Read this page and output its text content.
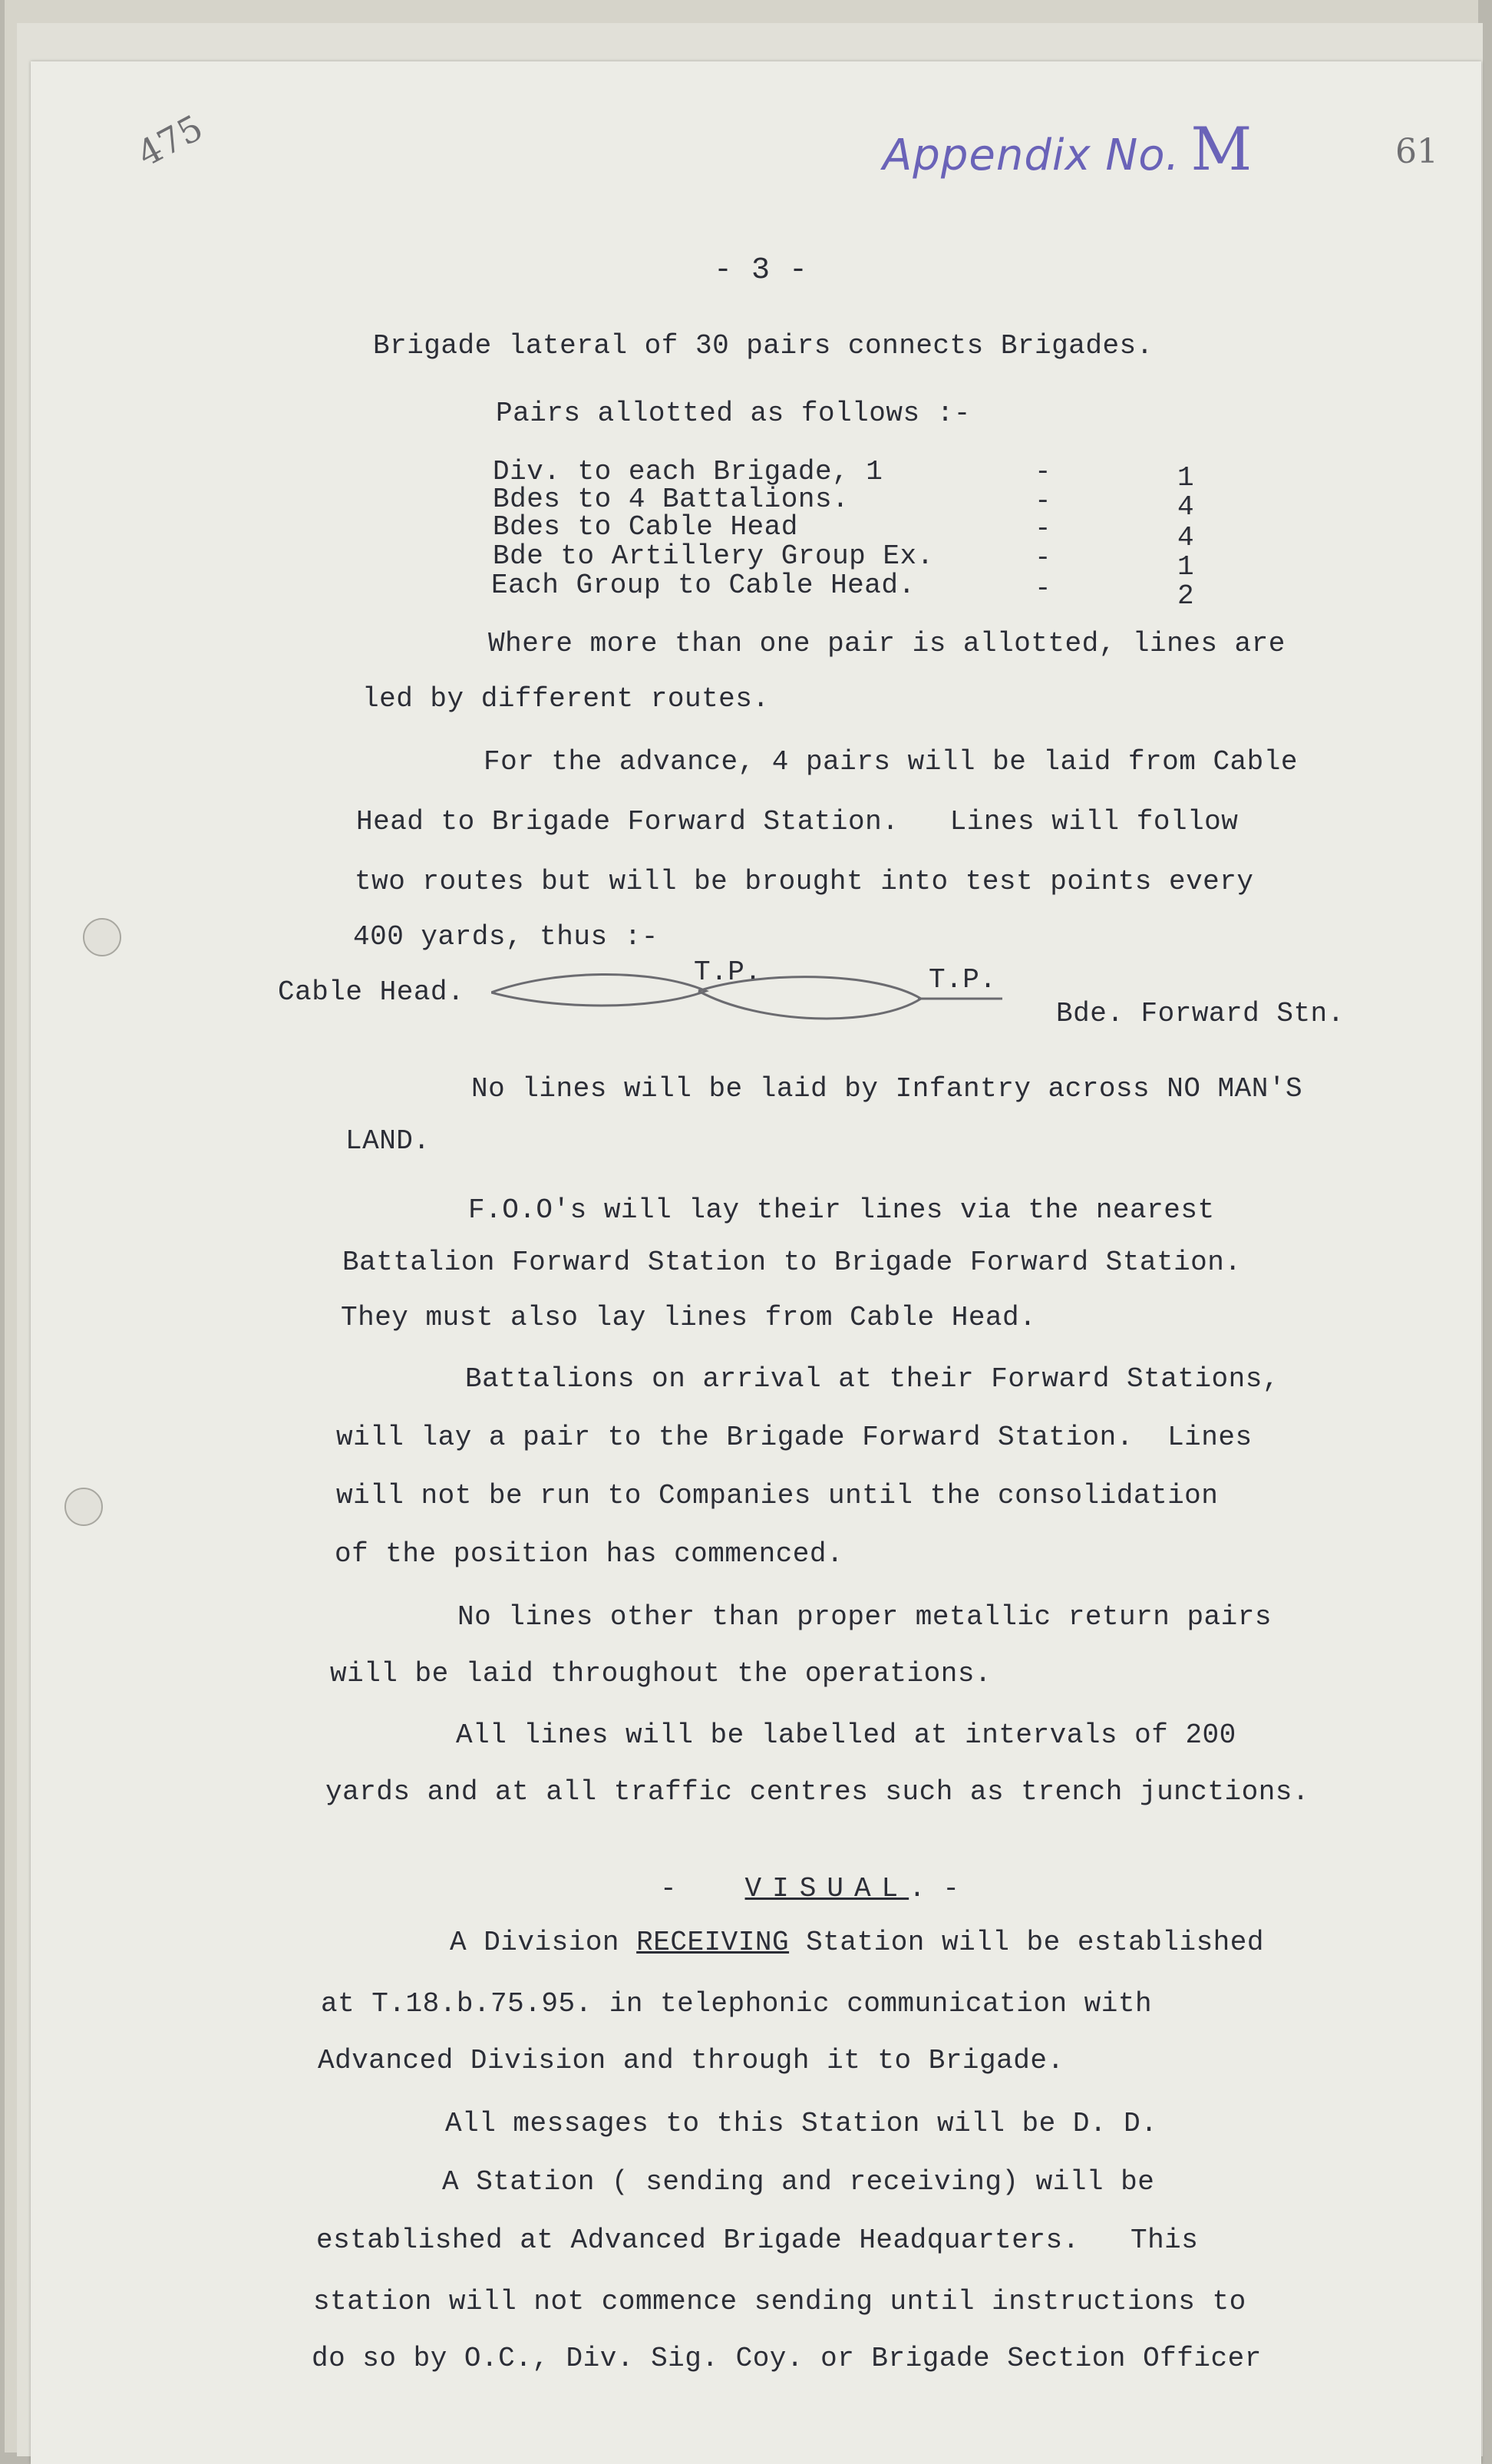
475	Appendix No. M	61
- 3 -
Brigade lateral of 30 pairs connects Brigades.
Pairs allotted as follows :-
Div. to each Brigade, 1	-	1
Bdes to 4 Battalions.	-	4
Bdes to Cable Head	-	4
Bde to Artillery Group Ex.	-	1
Each Group to Cable Head.	-	2
Where more than one pair is allotted, lines are
led by different routes.
For the advance, 4 pairs will be laid from Cable
Head to Brigade Forward Station.   Lines will follow
two routes but will be brought into test points every
400 yards, thus :-
Cable Head.
T.P.	T.P.
Bde. Forward Stn.
No lines will be laid by Infantry across NO MAN'S
LAND.
F.O.O's will lay their lines via the nearest
Battalion Forward Station to Brigade Forward Station.
They must also lay lines from Cable Head.
Battalions on arrival at their Forward Stations,
will lay a pair to the Brigade Forward Station.  Lines
will not be run to Companies until the consolidation
of the position has commenced.
No lines other than proper metallic return pairs
will be laid throughout the operations.
All lines will be labelled at intervals of 200
yards and at all traffic centres such as trench junctions.
- VISUAL. -
A Division RECEIVING Station will be established
at T.18.b.75.95. in telephonic communication with
Advanced Division and through it to Brigade.
All messages to this Station will be D. D.
A Station ( sending and receiving) will be
established at Advanced Brigade Headquarters.   This
station will not commence sending until instructions to
do so by O.C., Div. Sig. Coy. or Brigade Section Officer
